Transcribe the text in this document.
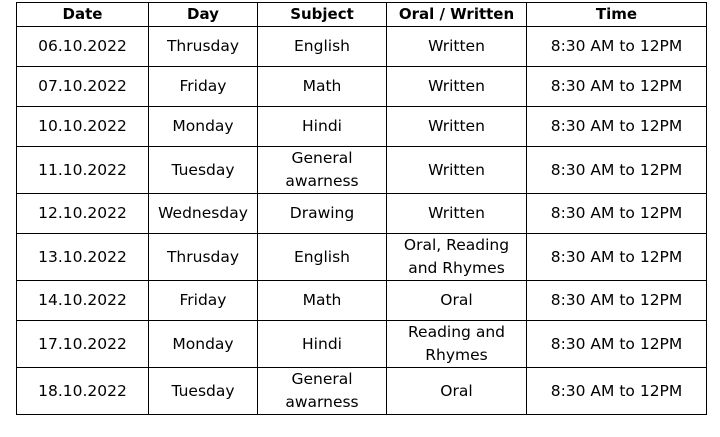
Date	Day	Subject	Oral / Written	Time
06.10.2022	Thrusday	English	Written	8:30 AM to 12PM
07.10.2022	Friday	Math	Written	8:30 AM to 12PM
10.10.2022	Monday	Hindi	Written	8:30 AM to 12PM
11.10.2022	Tuesday	General awarness	Written	8:30 AM to 12PM
12.10.2022	Wednesday	Drawing	Written	8:30 AM to 12PM
13.10.2022	Thrusday	English	Oral, Reading and Rhymes	8:30 AM to 12PM
14.10.2022	Friday	Math	Oral	8:30 AM to 12PM
17.10.2022	Monday	Hindi	Reading and Rhymes	8:30 AM to 12PM
18.10.2022	Tuesday	General awarness	Oral	8:30 AM to 12PM
